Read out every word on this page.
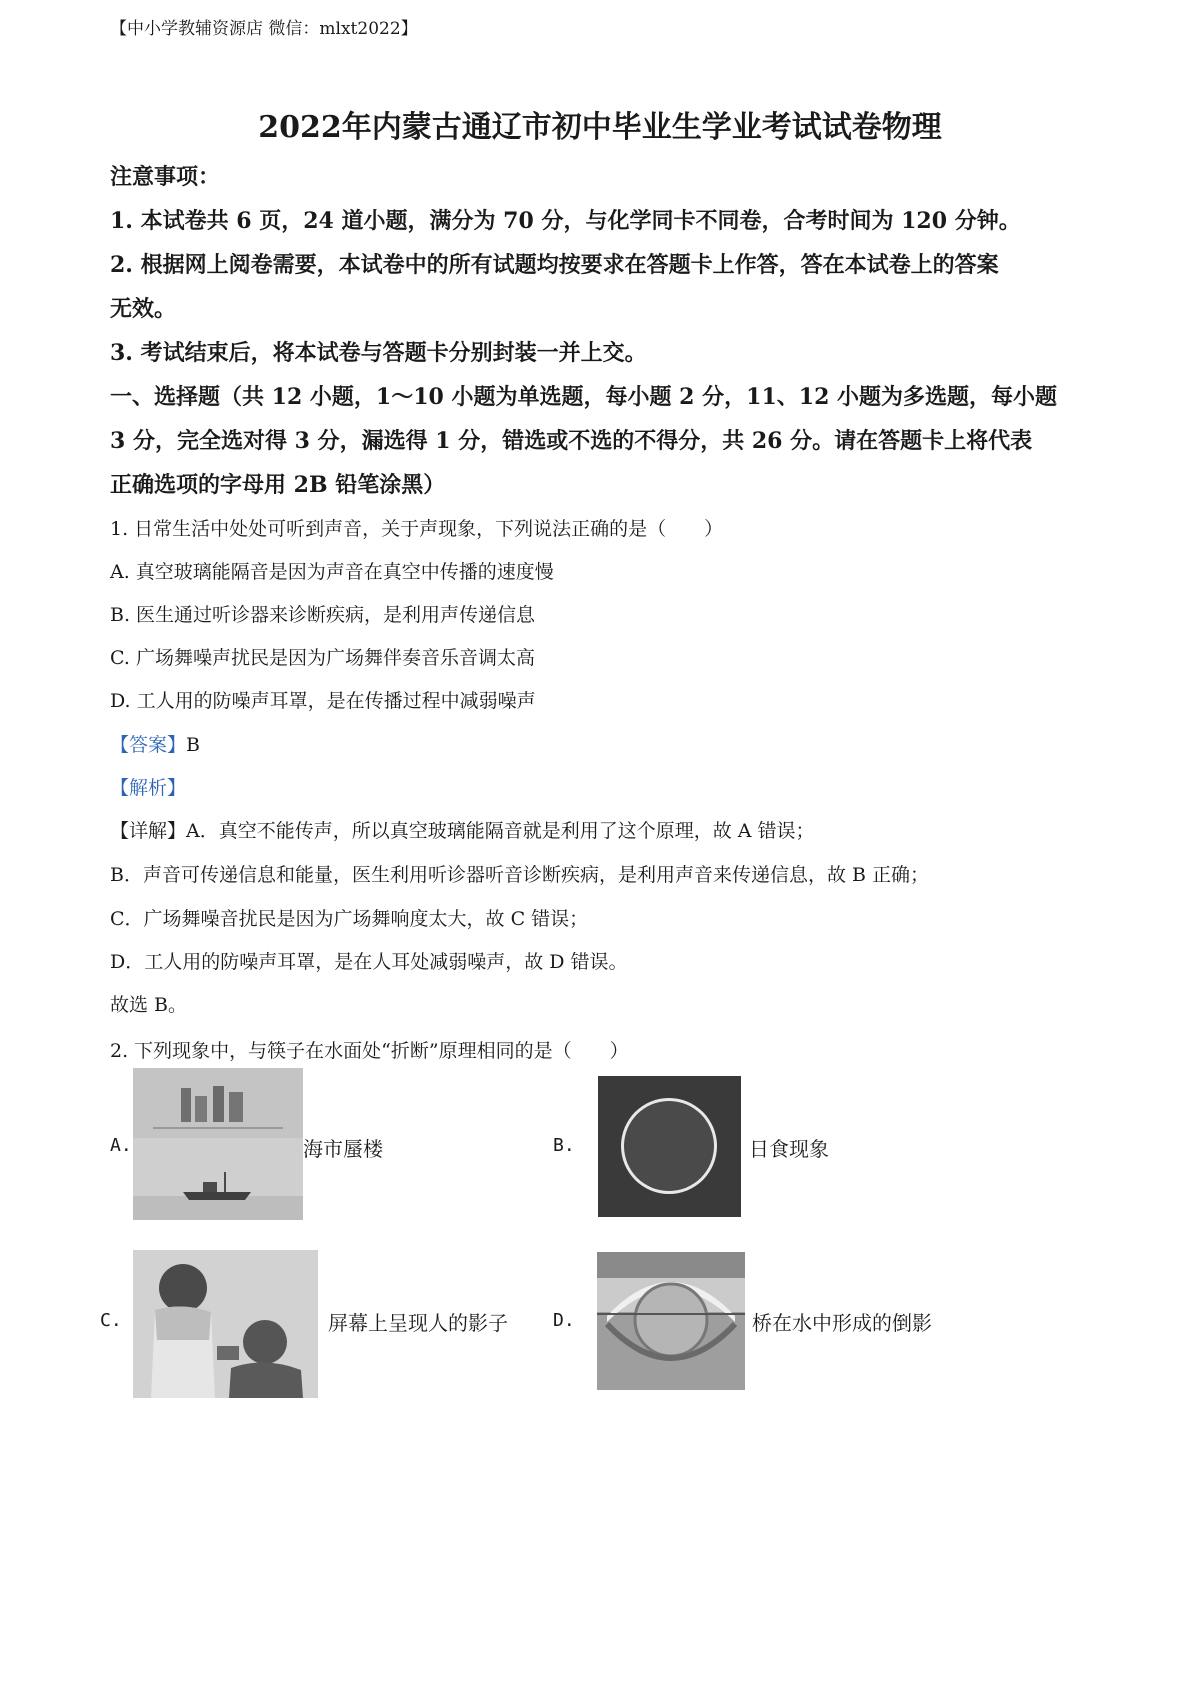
【中小学教辅资源店 微信：mlxt2022】
2022年内蒙古通辽市初中毕业生学业考试试卷物理
注意事项：
1. 本试卷共 6 页，24 道小题，满分为 70 分，与化学同卡不同卷，合考时间为 120 分钟。
2. 根据网上阅卷需要，本试卷中的所有试题均按要求在答题卡上作答，答在本试卷上的答案
无效。
3. 考试结束后，将本试卷与答题卡分别封装一并上交。
一、选择题（共 12 小题，1～10 小题为单选题，每小题 2 分，11、12 小题为多选题，每小题
3 分，完全选对得 3 分，漏选得 1 分，错选或不选的不得分，共 26 分。请在答题卡上将代表
正确选项的字母用 2B 铅笔涂黑）
1. 日常生活中处处可听到声音，关于声现象，下列说法正确的是（　　）
A. 真空玻璃能隔音是因为声音在真空中传播的速度慢
B. 医生通过听诊器来诊断疾病，是利用声传递信息
C. 广场舞噪声扰民是因为广场舞伴奏音乐音调太高
D. 工人用的防噪声耳罩，是在传播过程中减弱噪声
【答案】B
【解析】
【详解】A．真空不能传声，所以真空玻璃能隔音就是利用了这个原理，故 A 错误；
B．声音可传递信息和能量，医生利用听诊器听音诊断疾病，是利用声音来传递信息，故 B 正确；
C．广场舞噪音扰民是因为广场舞响度太大，故 C 错误；
D．工人用的防噪声耳罩，是在人耳处减弱噪声，故 D 错误。
故选 B。
2. 下列现象中，与筷子在水面处“折断”原理相同的是（　　）
A.	海市蜃楼	B.	日食现象
C.	屏幕上呈现人的影子	D.	桥在水中形成的倒影
